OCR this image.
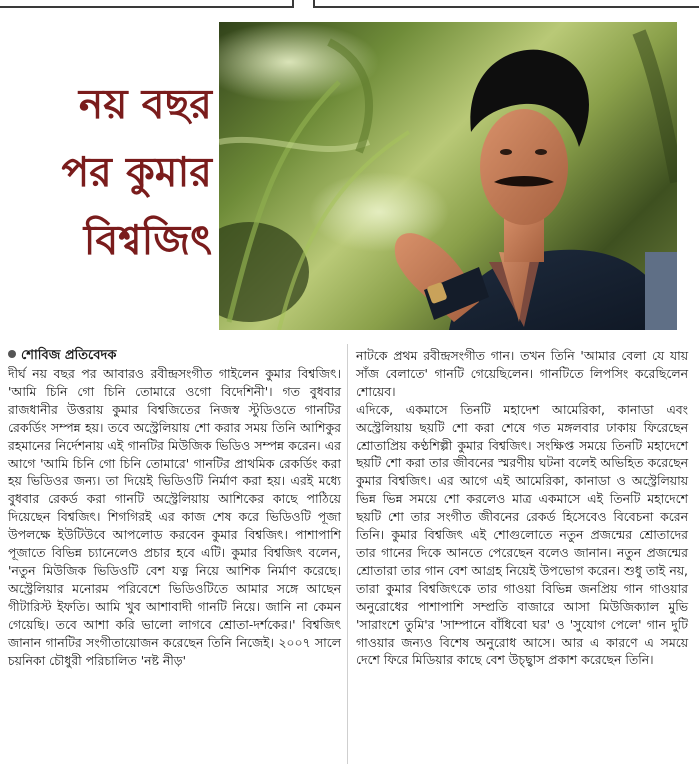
নয় বছর
পর কুমার
বিশ্বজিৎ
শোবিজ প্রতিবেদক

দীর্ঘ নয় বছর পর আবারও রবীন্দ্রসংগীত গাইলেন কুমার বিশ্বজিৎ। 'আমি চিনি গো চিনি তোমারে ওগো বিদেশিনী'। গত বুধবার রাজধানীর উত্তরায় কুমার বিশ্বজিতের নিজস্ব স্টুডিওতে গানটির রেকর্ডিং সম্পন্ন হয়। তবে অস্ট্রেলিয়ায় শো করার সময় তিনি আশিকুর রহমানের নির্দেশনায় এই গানটির মিউজিক ভিডিও সম্পন্ন করেন। এর আগে 'আমি চিনি গো চিনি তোমারে' গানটির প্রাথমিক রেকর্ডিং করা হয় ভিডিওর জন্য। তা দিয়েই ভিডিওটি নির্মাণ করা হয়। এরই মধ্যে বুধবার রেকর্ড করা গানটি অস্ট্রেলিয়ায় আশিকের কাছে পাঠিয়ে দিয়েছেন বিশ্বজিৎ। শিগগিরই এর কাজ শেষ করে ভিডিওটি পূজা উপলক্ষে ইউটিউবে আপলোড করবেন কুমার বিশ্বজিৎ। পাশাপাশি পূজাতে বিভিন্ন চ্যানেলেও প্রচার হবে এটি। কুমার বিশ্বজিৎ বলেন, 'নতুন মিউজিক ভিডিওটি বেশ যত্ন নিয়ে আশিক নির্মাণ করেছে। অস্ট্রেলিয়ার মনোরম পরিবেশে ভিডিওটিতে আমার সঙ্গে আছেন গীটারিস্ট ইফতি। আমি খুব আশাবাদী গানটি নিয়ে। জানি না কেমন গেয়েছি। তবে আশা করি ভালো লাগবে শ্রোতা-দর্শকের।' বিশ্বজিৎ জানান গানটির সংগীতায়োজন করেছেন তিনি নিজেই। ২০০৭ সালে চয়নিকা চৌধুরী পরিচালিত 'নষ্ট নীড়'

নাটকে প্রথম রবীন্দ্রসংগীত গান। তখন তিনি 'আমার বেলা যে যায় সাঁজ বেলাতে' গানটি গেয়েছিলেন। গানটিতে লিপসিং করেছিলেন শোয়েব।

এদিকে, একমাসে তিনটি মহাদেশ আমেরিকা, কানাডা এবং অস্ট্রেলিয়ায় ছয়টি শো করা শেষে গত মঙ্গলবার ঢাকায় ফিরেছেন শ্রোতাপ্রিয় কণ্ঠশিল্পী কুমার বিশ্বজিৎ। সংক্ষিপ্ত সময়ে তিনটি মহাদেশে ছয়টি শো করা তার জীবনের স্মরণীয় ঘটনা বলেই অভিহিত করেছেন কুমার বিশ্বজিৎ। এর আগে এই আমেরিকা, কানাডা ও অস্ট্রেলিয়ায় ভিন্ন ভিন্ন সময়ে শো করলেও মাত্র একমাসে এই তিনটি মহাদেশে ছয়টি শো তার সংগীত জীবনের রেকর্ড হিসেবেও বিবেচনা করেন তিনি। কুমার বিশ্বজিৎ এই শোগুলোতে নতুন প্রজন্মের শ্রোতাদের তার গানের দিকে আনতে পেরেছেন বলেও জানান। নতুন প্রজন্মের শ্রোতারা তার গান বেশ আগ্রহ নিয়েই উপভোগ করেন। শুধু তাই নয়, তারা কুমার বিশ্বজিৎকে তার গাওয়া বিভিন্ন জনপ্রিয় গান গাওয়ার অনুরোধের পাশাপাশি সম্প্রতি বাজারে আসা মিউজিক্যাল মুভি 'সারাংশে তুমি'র 'সাম্পানে বাঁধিবো ঘর' ও 'সুযোগ পেলে' গান দুটি গাওয়ার জন্যও বিশেষ অনুরোধ আসে। আর এ কারণে এ সময়ে দেশে ফিরে মিডিয়ার কাছে বেশ উচ্ছ্বাস প্রকাশ করেছেন তিনি।
